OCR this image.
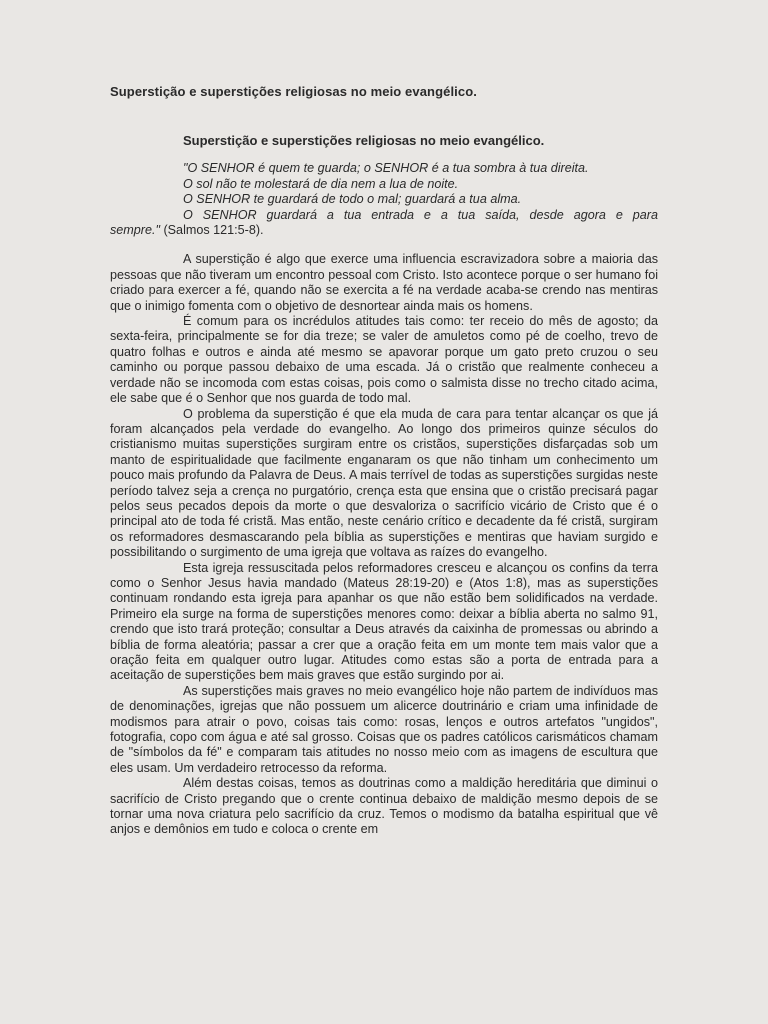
Superstição e superstições religiosas no meio evangélico.
Superstição e superstições religiosas no meio evangélico.
"O SENHOR é quem te guarda; o SENHOR é a tua sombra à tua direita.
O sol não te molestará de dia nem a lua de noite.
O SENHOR te guardará de todo o mal; guardará a tua alma.
O SENHOR guardará a tua entrada e a tua saída, desde agora e para
sempre." (Salmos 121:5-8).

A superstição é algo que exerce uma influencia escravizadora sobre a maioria das pessoas que não tiveram um encontro pessoal com Cristo. Isto acontece porque o ser humano foi criado para exercer a fé, quando não se exercita a fé na verdade acaba-se crendo nas mentiras que o inimigo fomenta com o objetivo de desnortear ainda mais os homens.

É comum para os incrédulos atitudes tais como: ter receio do mês de agosto; da sexta-feira, principalmente se for dia treze; se valer de amuletos como pé de coelho, trevo de quatro folhas e outros e ainda até mesmo se apavorar porque um gato preto cruzou o seu caminho ou porque passou debaixo de uma escada. Já o cristão que realmente conheceu a verdade não se incomoda com estas coisas, pois como o salmista disse no trecho citado acima, ele sabe que é o Senhor que nos guarda de todo mal.

O problema da superstição é que ela muda de cara para tentar alcançar os que já foram alcançados pela verdade do evangelho. Ao longo dos primeiros quinze séculos do cristianismo muitas superstições surgiram entre os cristãos, superstições disfarçadas sob um manto de espiritualidade que facilmente enganaram os que não tinham um conhecimento um pouco mais profundo da Palavra de Deus. A mais terrível de todas as superstições surgidas neste período talvez seja a crença no purgatório, crença esta que ensina que o cristão precisará pagar pelos seus pecados depois da morte o que desvaloriza o sacrifício vicário de Cristo que é o principal ato de toda fé cristã. Mas então, neste cenário crítico e decadente da fé cristã, surgiram os reformadores desmascarando pela bíblia as superstições e mentiras que haviam surgido e possibilitando o surgimento de uma igreja que voltava as raízes do evangelho.

Esta igreja ressuscitada pelos reformadores cresceu e alcançou os confins da terra como o Senhor Jesus havia mandado (Mateus 28:19-20) e (Atos 1:8), mas as superstições continuam rondando esta igreja para apanhar os que não estão bem solidificados na verdade. Primeiro ela surge na forma de superstições menores como: deixar a bíblia aberta no salmo 91, crendo que isto trará proteção; consultar a Deus através da caixinha de promessas ou abrindo a bíblia de forma aleatória; passar a crer que a oração feita em um monte tem mais valor que a oração feita em qualquer outro lugar. Atitudes como estas são a porta de entrada para a aceitação de superstições bem mais graves que estão surgindo por ai.

As superstições mais graves no meio evangélico hoje não partem de indivíduos mas de denominações, igrejas que não possuem um alicerce doutrinário e criam uma infinidade de modismos para atrair o povo, coisas tais como: rosas, lenços e outros artefatos "ungidos", fotografia, copo com água e até sal grosso. Coisas que os padres católicos carismáticos chamam de "símbolos da fé" e comparam tais atitudes no nosso meio com as imagens de escultura que eles usam. Um verdadeiro retrocesso da reforma.

Além destas coisas, temos as doutrinas como a maldição hereditária que diminui o sacrifício de Cristo pregando que o crente continua debaixo de maldição mesmo depois de se tornar uma nova criatura pelo sacrifício da cruz. Temos o modismo da batalha espiritual que vê anjos e demônios em tudo e coloca o crente em
